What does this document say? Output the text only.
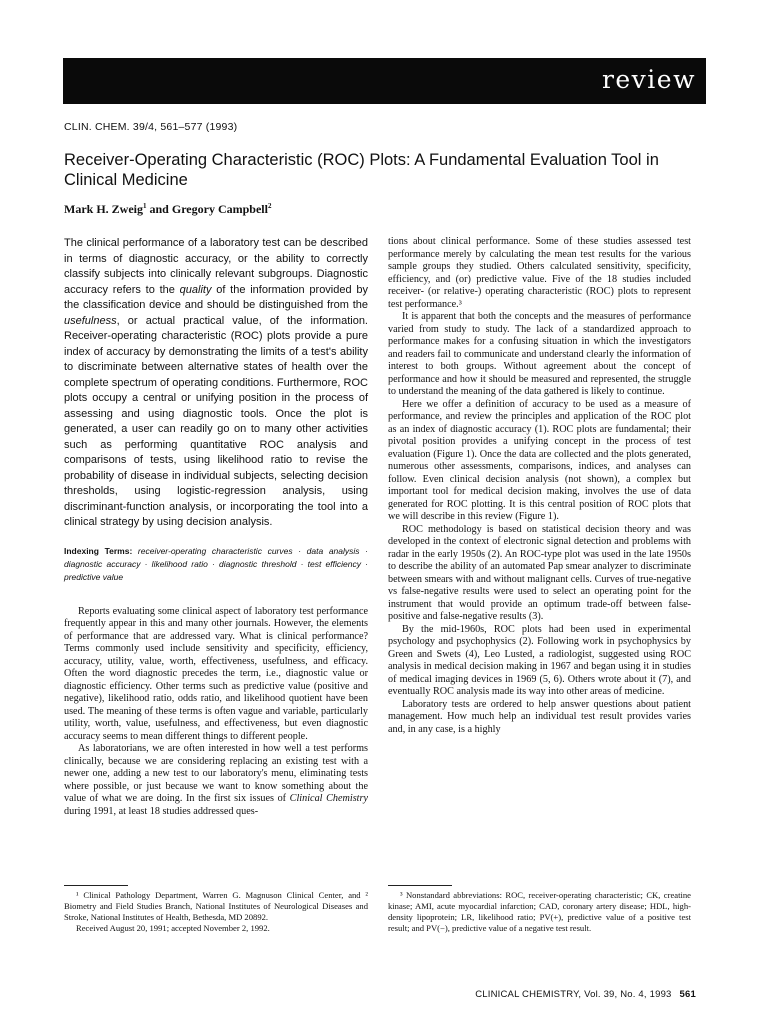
review
CLIN. CHEM. 39/4, 561–577 (1993)
Receiver-Operating Characteristic (ROC) Plots: A Fundamental Evaluation Tool in Clinical Medicine
Mark H. Zweig$^1$ and Gregory Campbell$^2$

The clinical performance of a laboratory test can be described in terms of diagnostic accuracy, or the ability to correctly classify subjects into clinically relevant subgroups. Diagnostic accuracy refers to the quality of the information provided by the classification device and should be distinguished from the usefulness, or actual practical value, of the information. Receiver-operating characteristic (ROC) plots provide a pure index of accuracy by demonstrating the limits of a test's ability to discriminate between alternative states of health over the complete spectrum of operating conditions. Furthermore, ROC plots occupy a central or unifying position in the process of assessing and using diagnostic tools. Once the plot is generated, a user can readily go on to many other activities such as performing quantitative ROC analysis and comparisons of tests, using likelihood ratio to revise the probability of disease in individual subjects, selecting decision thresholds, using logistic-regression analysis, using discriminant-function analysis, or incorporating the tool into a clinical strategy by using decision analysis.

Indexing Terms: receiver-operating characteristic curves · data analysis · diagnostic accuracy · likelihood ratio · diagnostic threshold · test efficiency · predictive value

Reports evaluating some clinical aspect of laboratory test performance frequently appear in this and many other journals. However, the elements of performance that are addressed vary. What is clinical performance? Terms commonly used include sensitivity and specificity, efficiency, accuracy, utility, value, worth, effectiveness, usefulness, and efficacy. Often the word diagnostic precedes the term, i.e., diagnostic value or diagnostic efficiency. Other terms such as predictive value (positive and negative), likelihood ratio, odds ratio, and likelihood quotient have been used. The meaning of these terms is often vague and variable, particularly utility, worth, value, usefulness, and effectiveness, but even diagnostic accuracy seems to mean different things to different people.

As laboratorians, we are often interested in how well a test performs clinically, because we are considering replacing an existing test with a newer one, adding a new test to our laboratory's menu, eliminating tests where possible, or just because we want to know something about the value of what we are doing. In the first six issues of Clinical Chemistry during 1991, at least 18 studies addressed ques-

tions about clinical performance. Some of these studies assessed test performance merely by calculating the mean test results for the various sample groups they studied. Others calculated sensitivity, specificity, efficiency, and (or) predictive value. Five of the 18 studies included receiver- (or relative-) operating characteristic (ROC) plots to represent test performance.³

It is apparent that both the concepts and the measures of performance varied from study to study. The lack of a standardized approach to performance makes for a confusing situation in which the investigators and readers fail to communicate and understand clearly the information of interest to both groups. Without agreement about the concept of performance and how it should be measured and represented, the struggle to understand the meaning of the data gathered is likely to continue.

Here we offer a definition of accuracy to be used as a measure of performance, and review the principles and application of the ROC plot as an index of diagnostic accuracy (1). ROC plots are fundamental; their pivotal position provides a unifying concept in the process of test evaluation (Figure 1). Once the data are collected and the plots generated, numerous other assessments, comparisons, indices, and analyses can follow. Even clinical decision analysis (not shown), a complex but important tool for medical decision making, involves the use of data generated for ROC plotting. It is this central position of ROC plots that we will describe in this review (Figure 1).

ROC methodology is based on statistical decision theory and was developed in the context of electronic signal detection and problems with radar in the early 1950s (2). An ROC-type plot was used in the late 1950s to describe the ability of an automated Pap smear analyzer to discriminate between smears with and without malignant cells. Curves of true-negative vs false-negative results were used to select an operating point for the instrument that would provide an optimum trade-off between false-positive and false-negative results (3).

By the mid-1960s, ROC plots had been used in experimental psychology and psychophysics (2). Following work in psychophysics by Green and Swets (4), Leo Lusted, a radiologist, suggested using ROC analysis in medical decision making in 1967 and began using it in studies of medical imaging devices in 1969 (5, 6). Others wrote about it (7), and eventually ROC analysis made its way into other areas of medicine.

Laboratory tests are ordered to help answer questions about patient management. How much help an individual test result provides varies and, in any case, is a highly

¹ Clinical Pathology Department, Warren G. Magnuson Clinical Center, and ² Biometry and Field Studies Branch, National Institutes of Neurological Diseases and Stroke, National Institutes of Health, Bethesda, MD 20892.

Received August 20, 1991; accepted November 2, 1992.

³ Nonstandard abbreviations: ROC, receiver-operating characteristic; CK, creatine kinase; AMI, acute myocardial infarction; CAD, coronary artery disease; HDL, high-density lipoprotein; LR, likelihood ratio; PV(+), predictive value of a positive test result; and PV(−), predictive value of a negative test result.

CLINICAL CHEMISTRY, Vol. 39, No. 4, 1993 561
